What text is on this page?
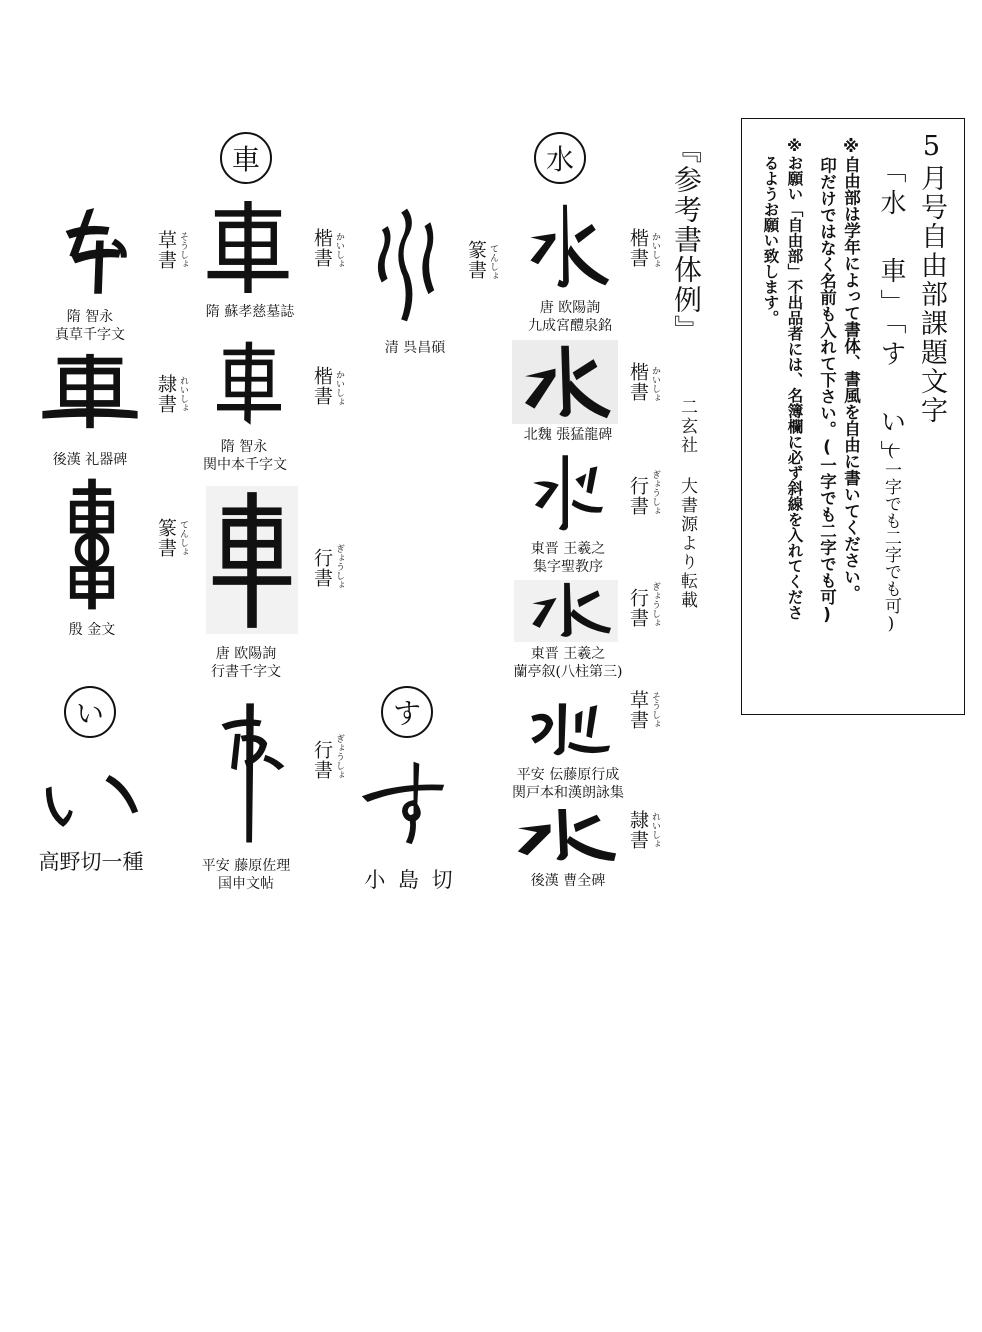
5月号自由部課題文字
「水 車」「す い」
(一字でも二字でも可)
※自由部は学年によって書体、書風を自由に書いてください。
印だけではなく名前も入れて下さい。(一字でも二字でも可)
※お願い「自由部」不出品者には、名簿欄に必ず斜線を入れてくださ
るようお願い致します。
『参考書体例』
二玄社 大書源より転載
水
車
す
い
楷書 かいしょ
唐 欧陽詢
九成宮醴泉銘
楷書 かいしょ
北魏 張猛龍碑
行書 ぎょうしょ
東晋 王羲之
集字聖教序
行書 ぎょうしょ
東晋 王羲之
蘭亭叙(八柱第三)
草書 そうしょ
平安 伝藤原行成
関戸本和漢朗詠集
隷書 れいしょ
後漢 曹全碑
篆書 てんしょ
清 呉昌碩
楷書 かいしょ
隋 蘇孝慈墓誌
楷書 かいしょ
隋 智永
関中本千字文
行書 ぎょうしょ
唐 欧陽詢
行書千字文
行書 ぎょうしょ
平安 藤原佐理
国申文帖
草書 そうしょ
隋 智永
真草千字文
隷書 れいしょ
後漢 礼器碑
篆書 てんしょ
殷 金文
小 島 切
高野切一種
